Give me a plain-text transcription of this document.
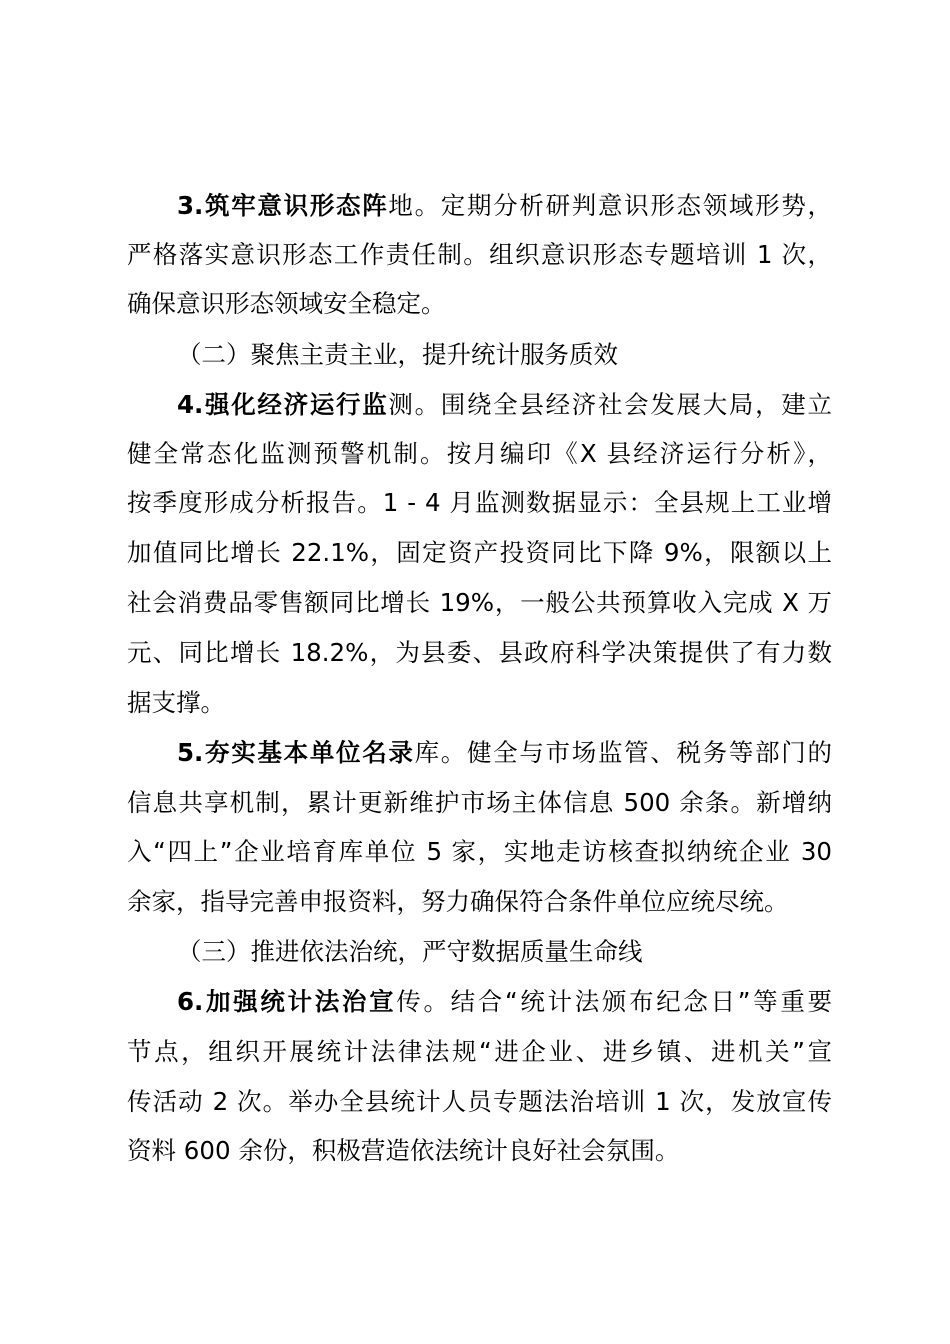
3.筑牢意识形态阵地。定期分析研判意识形态领域形势，
严格落实意识形态工作责任制。组织意识形态专题培训 1 次，
确保意识形态领域安全稳定。
（二）聚焦主责主业，提升统计服务质效
4.强化经济运行监测。围绕全县经济社会发展大局，建立
健全常态化监测预警机制。按月编印《X 县经济运行分析》，
按季度形成分析报告。1 - 4 月监测数据显示：全县规上工业增
加值同比增长 22.1%，固定资产投资同比下降 9%，限额以上
社会消费品零售额同比增长 19%，一般公共预算收入完成 X 万
元、同比增长 18.2%，为县委、县政府科学决策提供了有力数
据支撑。
5.夯实基本单位名录库。健全与市场监管、税务等部门的
信息共享机制，累计更新维护市场主体信息 500 余条。新增纳
入“四上”企业培育库单位 5 家，实地走访核查拟纳统企业 30
余家，指导完善申报资料，努力确保符合条件单位应统尽统。
（三）推进依法治统，严守数据质量生命线
6.加强统计法治宣传。结合“统计法颁布纪念日”等重要
节点，组织开展统计法律法规“进企业、进乡镇、进机关”宣
传活动 2 次。举办全县统计人员专题法治培训 1 次，发放宣传
资料 600 余份，积极营造依法统计良好社会氛围。
